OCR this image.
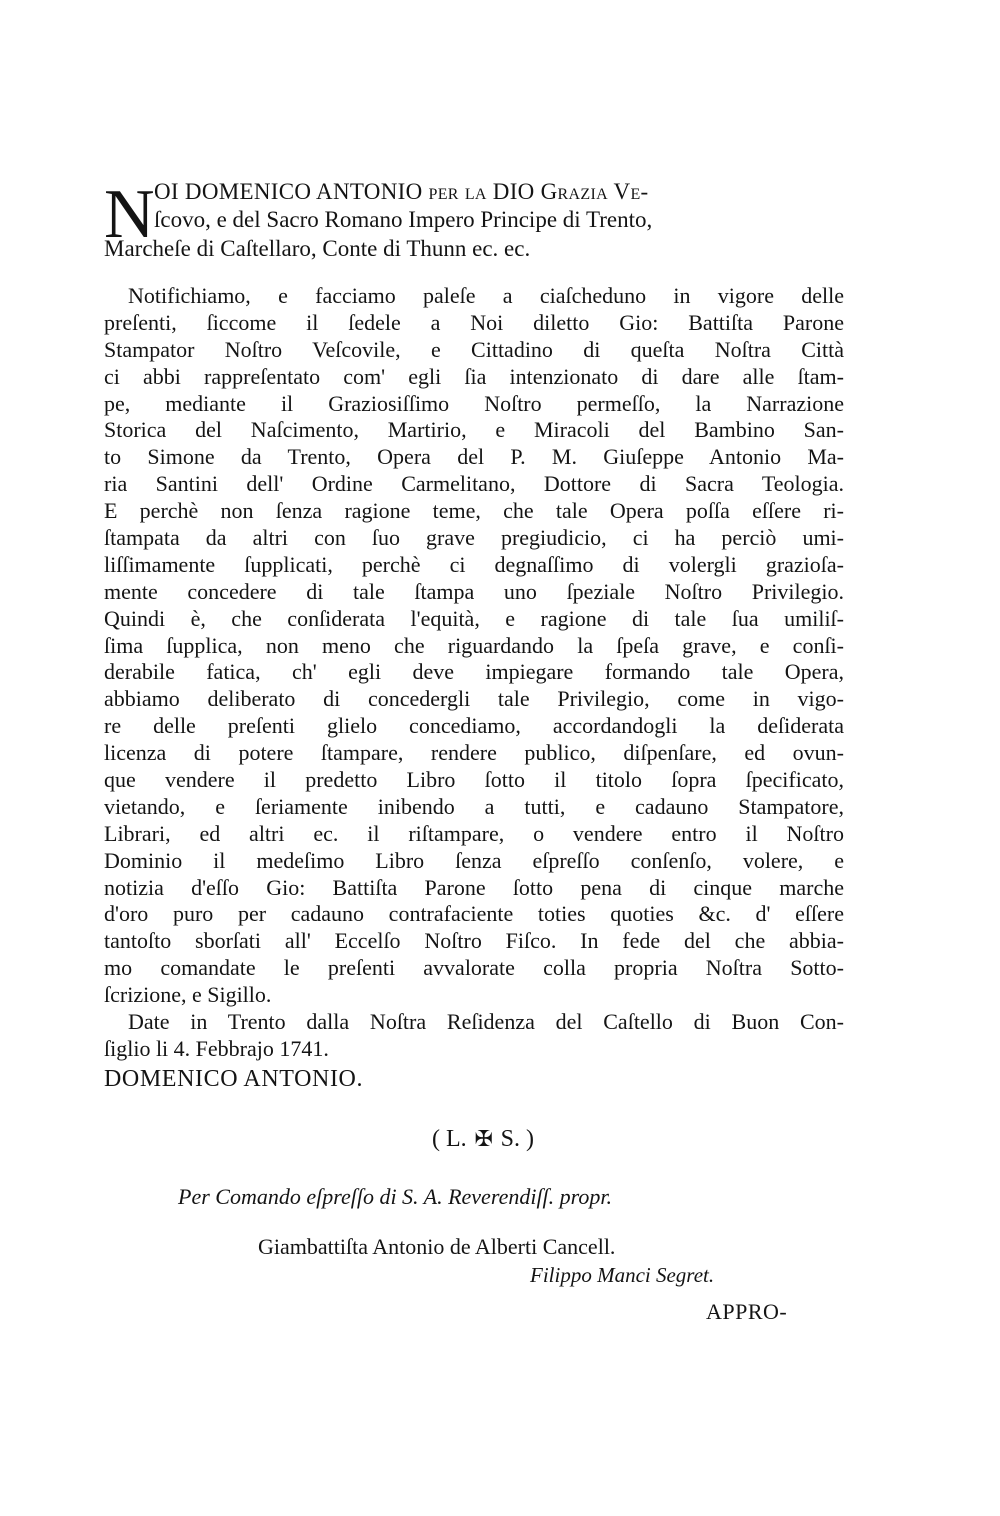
N OI DOMENICO ANTONIO per la DIO Grazia Ve-
ſcovo, e del Sacro Romano Impero Principe di Trento,
Marcheſe di Caſtellaro, Conte di Thunn ec. ec.
Notifichiamo, e facciamo paleſe a ciaſcheduno in vigore delle
preſenti, ſiccome il ſedele a Noi diletto Gio: Battiſta Parone
Stampator Noſtro Veſcovile, e Cittadino di queſta Noſtra Città
ci abbi rappreſentato com' egli ſia intenzionato di dare alle ſtam-
pe, mediante il Graziosiſſimo Noſtro permeſſo, la Narrazione
Storica del Naſcimento, Martirio, e Miracoli del Bambino San-
to Simone da Trento, Opera del P. M. Giuſeppe Antonio Ma-
ria Santini dell' Ordine Carmelitano, Dottore di Sacra Teologia.
E perchè non ſenza ragione teme, che tale Opera poſſa eſſere ri-
ſtampata da altri con ſuo grave pregiudicio, ci ha perciò umi-
liſſimamente ſupplicati, perchè ci degnaſſimo di volergli grazioſa-
mente concedere di tale ſtampa uno ſpeziale Noſtro Privilegio.
Quindi è, che conſiderata l'equità, e ragione di tale ſua umiliſ-
ſima ſupplica, non meno che riguardando la ſpeſa grave, e conſi-
derabile fatica, ch' egli deve impiegare formando tale Opera,
abbiamo deliberato di concedergli tale Privilegio, come in vigo-
re delle preſenti glielo concediamo, accordandogli la deſiderata
licenza di potere ſtampare, rendere publico, diſpenſare, ed ovun-
que vendere il predetto Libro ſotto il titolo ſopra ſpecificato,
vietando, e ſeriamente inibendo a tutti, e cadauno Stampatore,
Librari, ed altri ec. il riſtampare, o vendere entro il Noſtro
Dominio il medeſimo Libro ſenza eſpreſſo conſenſo, volere, e
notizia d'eſſo Gio: Battiſta Parone ſotto pena di cinque marche
d'oro puro per cadauno contrafaciente toties quoties &c. d' eſſere
tantoſto sborſati all' Eccelſo Noſtro Fiſco. In fede del che abbia-
mo comandate le preſenti avvalorate colla propria Noſtra Sotto-
ſcrizione, e Sigillo.
Date in Trento dalla Noſtra Reſidenza del Caſtello di Buon Con-
ſiglio li 4. Febbrajo 1741.
DOMENICO ANTONIO.
( L. ✠ S. )
Per Comando eſpreſſo di S. A. Reverendiſſ. propr.
Giambattiſta Antonio de Alberti Cancell.
Filippo Manci Segret.
APPRO-
